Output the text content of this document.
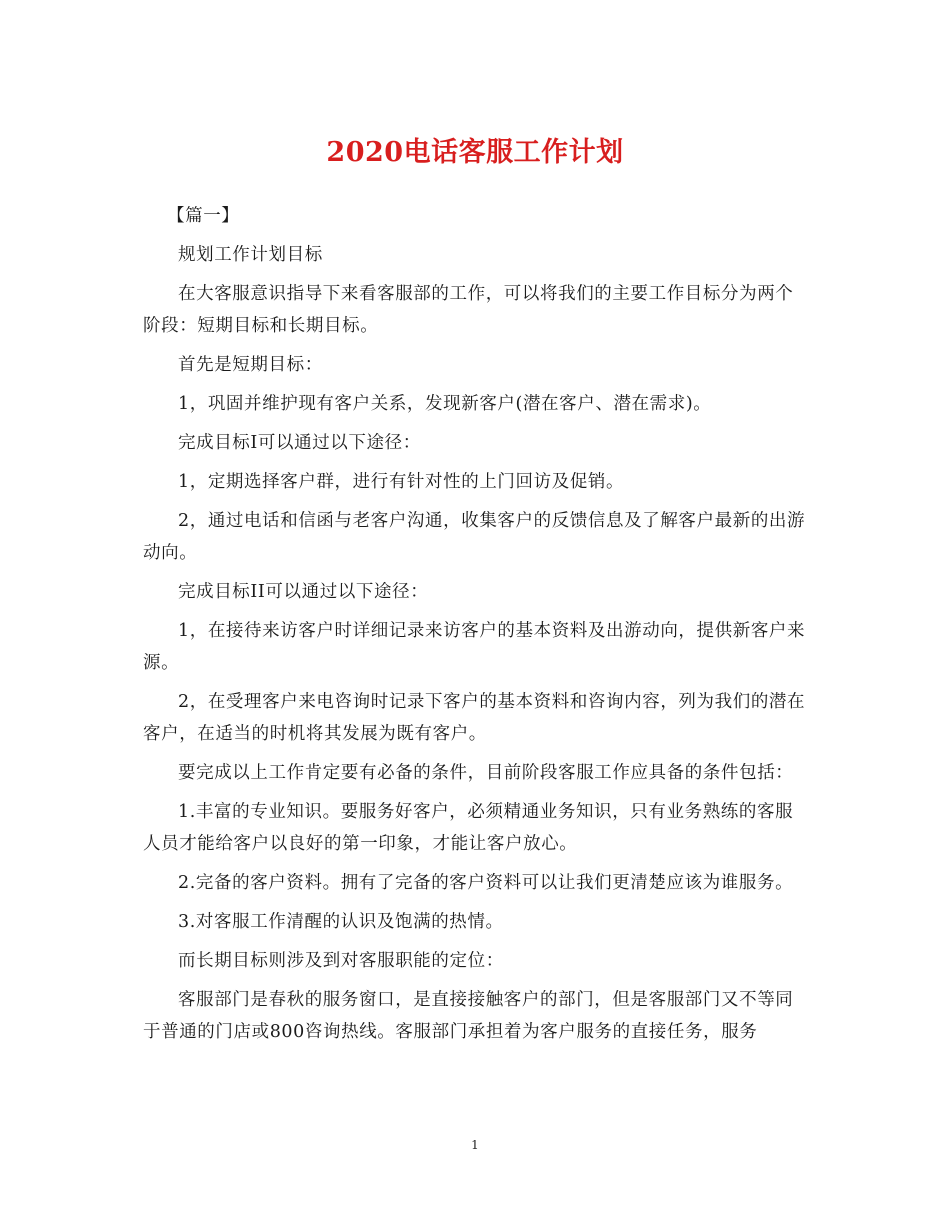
2020电话客服工作计划

【篇一】

规划工作计划目标

在大客服意识指导下来看客服部的工作，可以将我们的主要工作目标分为两个阶段：短期目标和长期目标。

首先是短期目标：

1，巩固并维护现有客户关系，发现新客户(潜在客户、潜在需求)。

完成目标I可以通过以下途径：

1，定期选择客户群，进行有针对性的上门回访及促销。

2，通过电话和信函与老客户沟通，收集客户的反馈信息及了解客户最新的出游动向。

完成目标II可以通过以下途径：

1，在接待来访客户时详细记录来访客户的基本资料及出游动向，提供新客户来源。

2，在受理客户来电咨询时记录下客户的基本资料和咨询内容，列为我们的潜在客户，在适当的时机将其发展为既有客户。

要完成以上工作肯定要有必备的条件，目前阶段客服工作应具备的条件包括：

1.丰富的专业知识。要服务好客户，必须精通业务知识，只有业务熟练的客服人员才能给客户以良好的第一印象，才能让客户放心。

2.完备的客户资料。拥有了完备的客户资料可以让我们更清楚应该为谁服务。

3.对客服工作清醒的认识及饱满的热情。

而长期目标则涉及到对客服职能的定位：

客服部门是春秋的服务窗口，是直接接触客户的部门，但是客服部门又不等同于普通的门店或800咨询热线。客服部门承担着为客户服务的直接任务，服务

1
